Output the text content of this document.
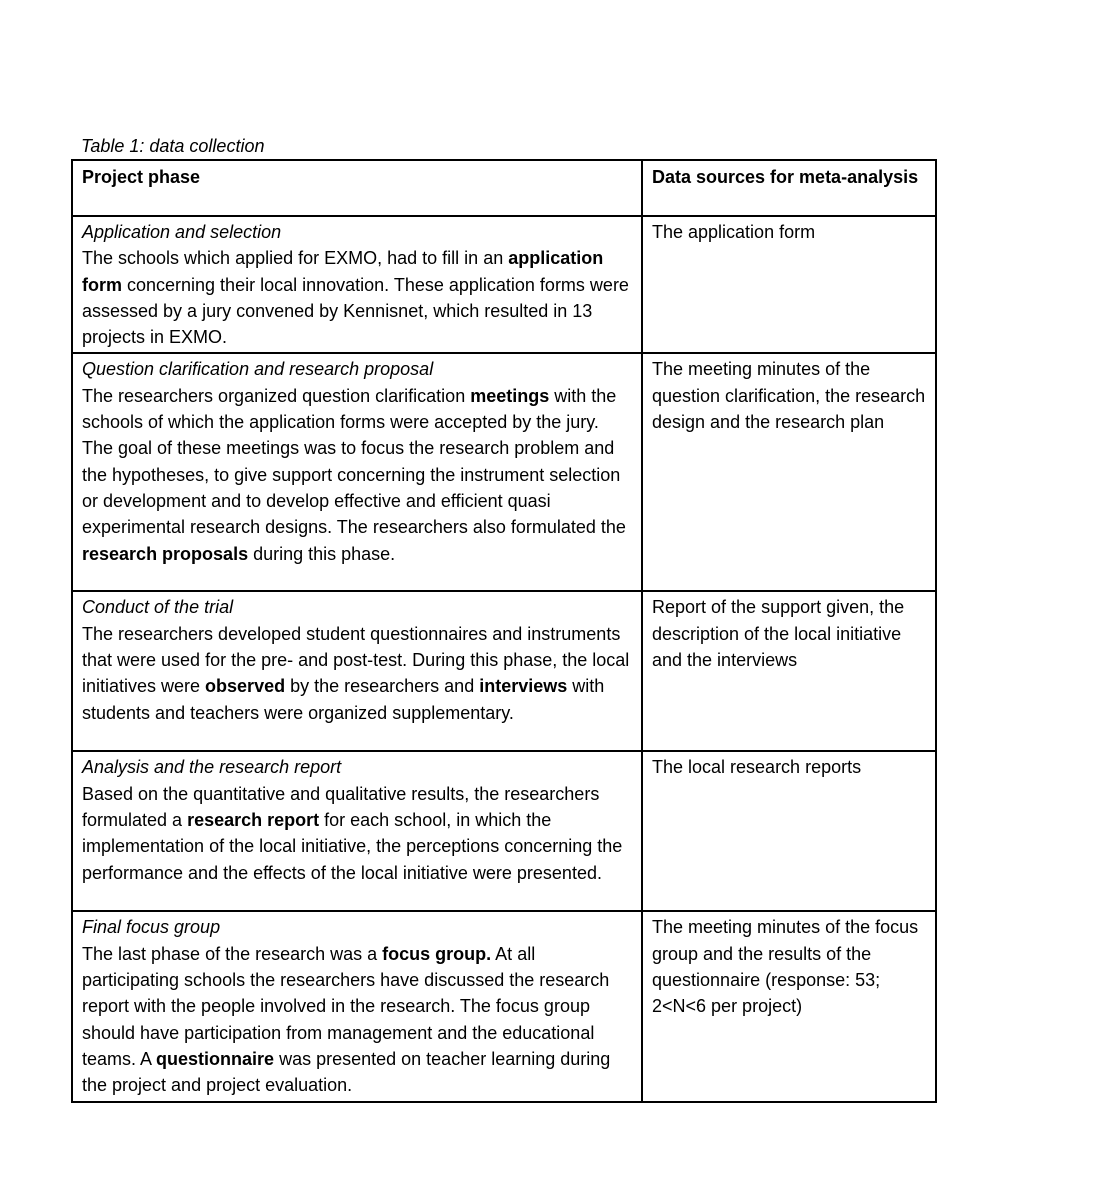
Table 1: data collection
Project phase	Data sources for meta-analysis

Application and selection
The schools which applied for EXMO, had to fill in an application form concerning their local innovation. These application forms were assessed by a jury convened by Kennisnet, which resulted in 13 projects in EXMO.	The application form

Question clarification and research proposal
The researchers organized question clarification meetings with the schools of which the application forms were accepted by the jury. The goal of these meetings was to focus the research problem and the hypotheses, to give support concerning the instrument selection or development and to develop effective and efficient quasi experimental research designs. The researchers also formulated the research proposals during this phase.	The meeting minutes of the question clarification, the research design and the research plan

Conduct of the trial
The researchers developed student questionnaires and instruments that were used for the pre- and post-test. During this phase, the local initiatives were observed by the researchers and interviews with students and teachers were organized supplementary.	Report of the support given, the description of the local initiative and the interviews

Analysis and the research report
Based on the quantitative and qualitative results, the researchers formulated a research report for each school, in which the implementation of the local initiative, the perceptions concerning the performance and the effects of the local initiative were presented.	The local research reports

Final focus group
The last phase of the research was a focus group. At all participating schools the researchers have discussed the research report with the people involved in the research. The focus group should have participation from management and the educational teams. A questionnaire was presented on teacher learning during the project and project evaluation.	The meeting minutes of the focus group and the results of the questionnaire (response: 53; 2<N<6 per project)
